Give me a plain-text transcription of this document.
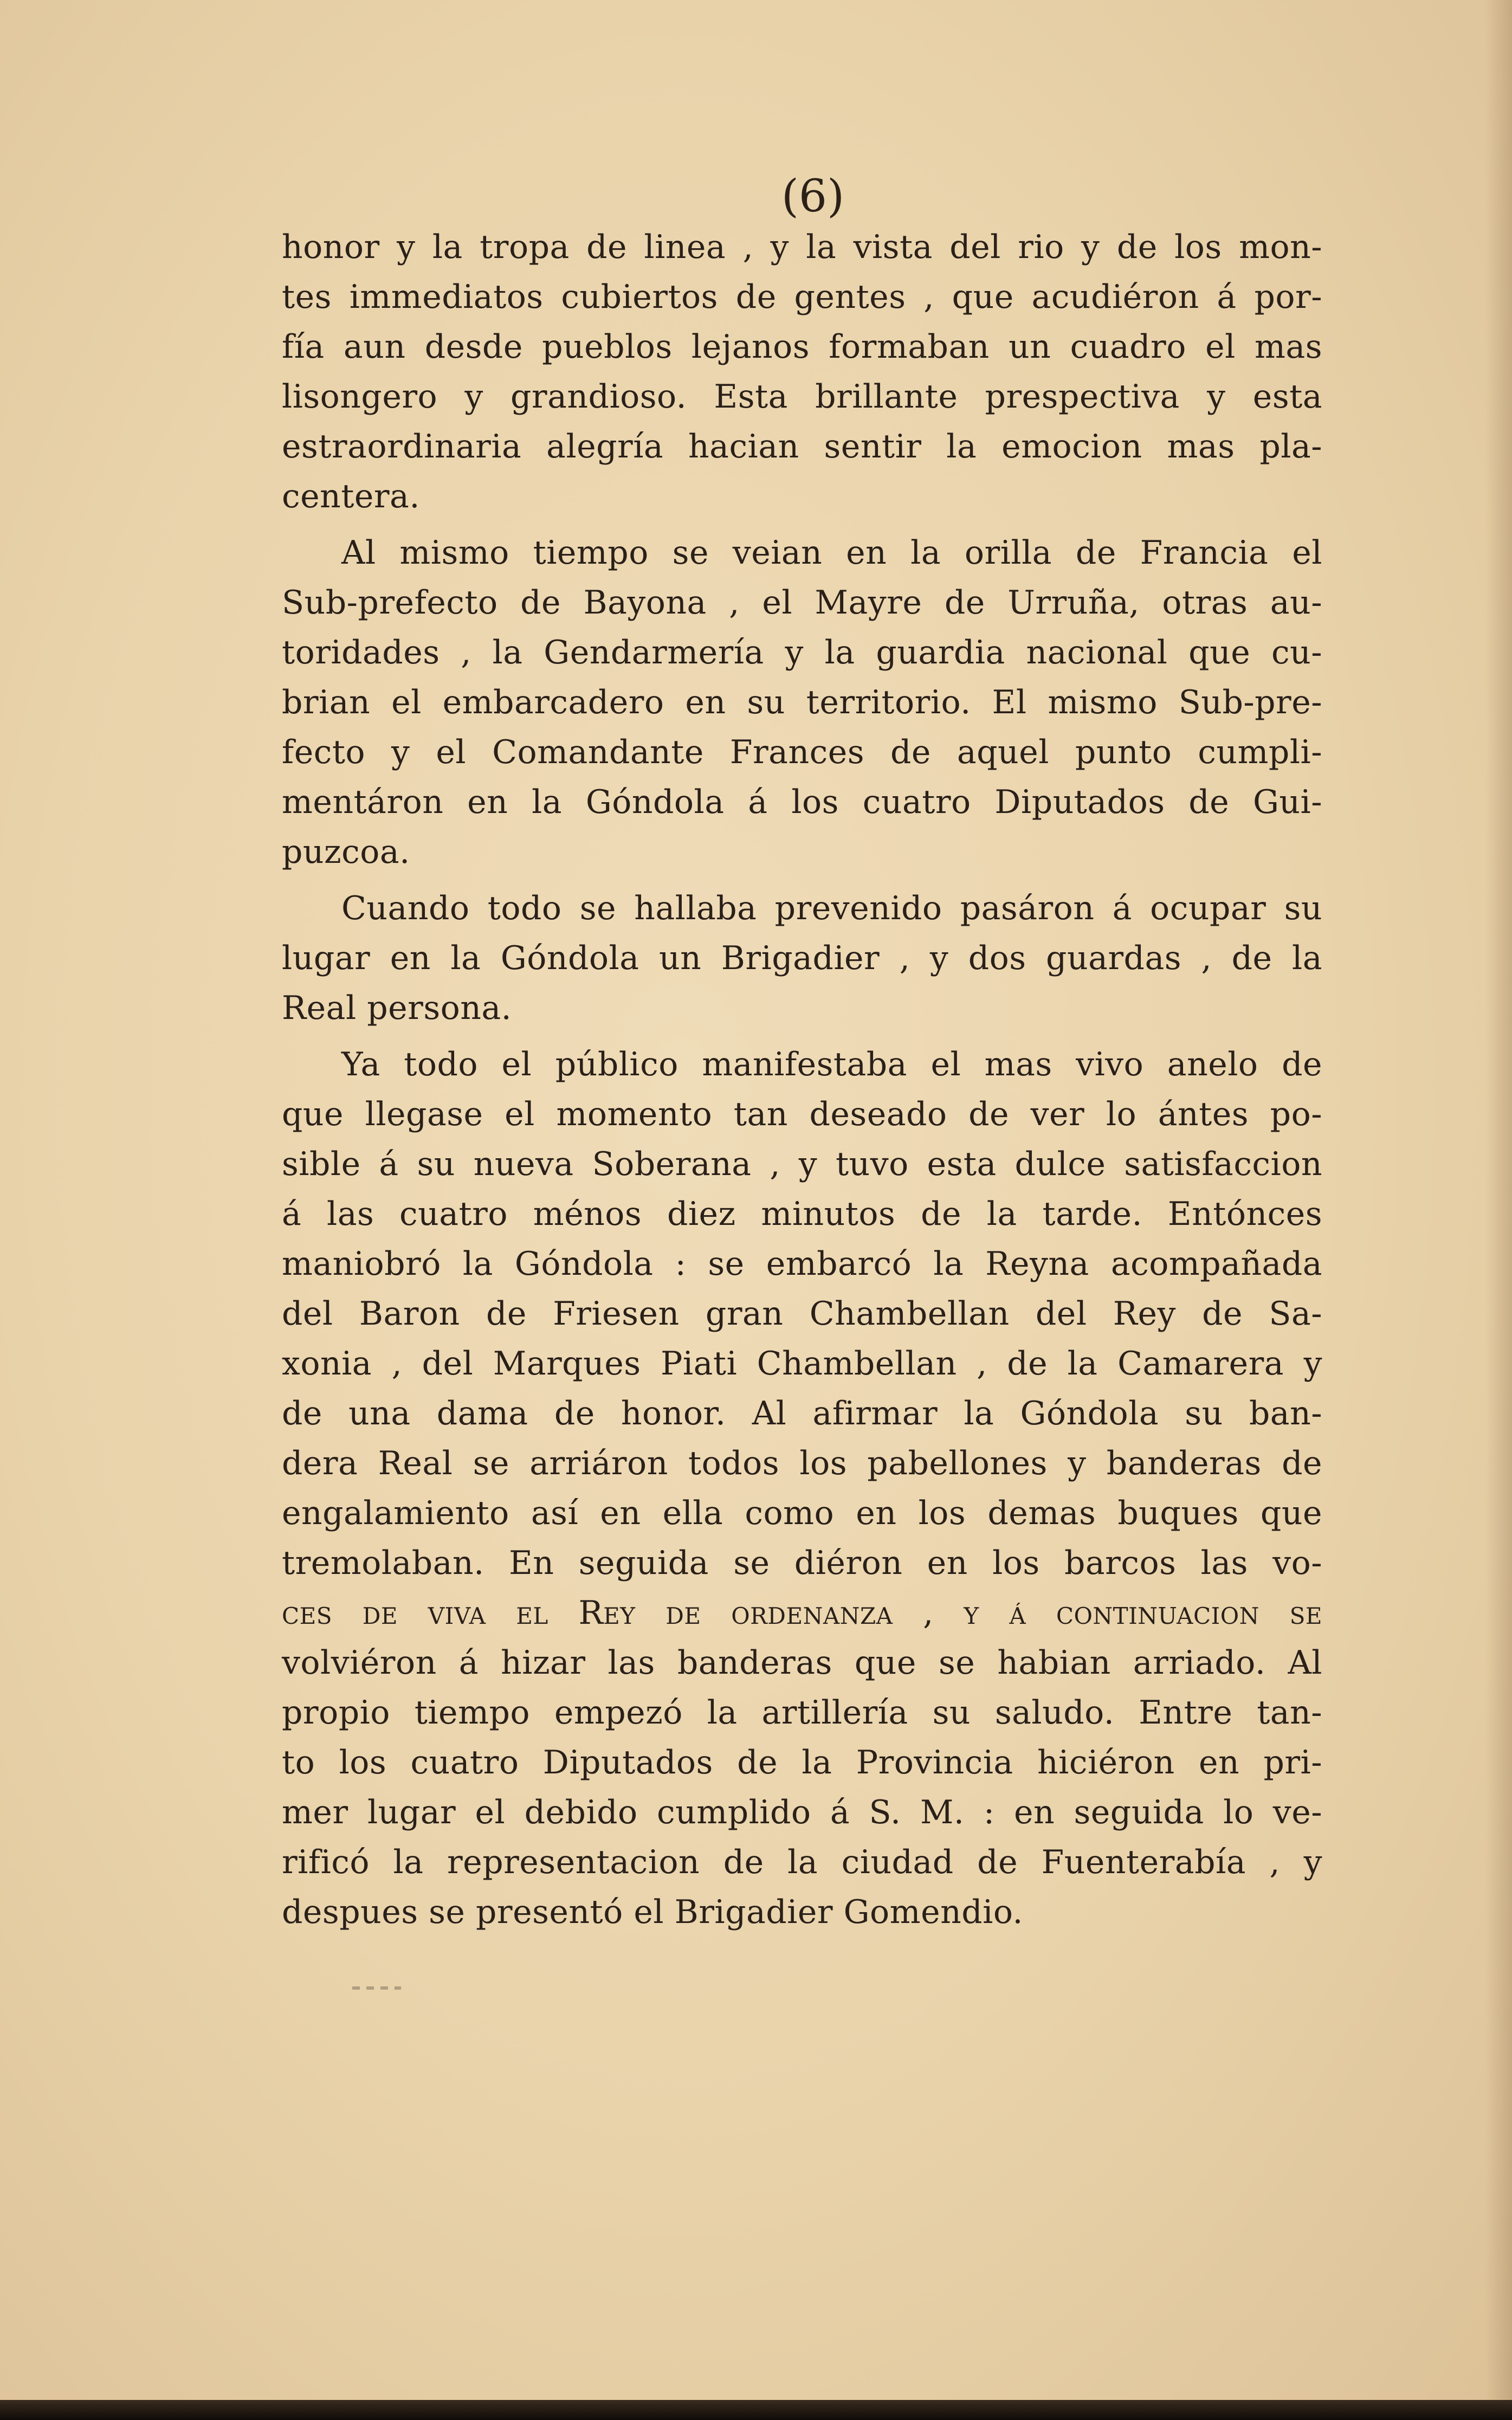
(6)
honor y la tropa de linea , y la vista del rio y de los mon-
tes immediatos cubiertos de gentes , que acudiéron á por-
fía aun desde pueblos lejanos formaban un cuadro el mas
lisongero y grandioso. Esta brillante prespectiva y esta
estraordinaria alegría hacian sentir la emocion mas pla-
centera.
Al mismo tiempo se veian en la orilla de Francia el
Sub-prefecto de Bayona , el Mayre de Urruña, otras au-
toridades , la Gendarmería y la guardia nacional que cu-
brian el embarcadero en su territorio. El mismo Sub-pre-
fecto y el Comandante Frances de aquel punto cumpli-
mentáron en la Góndola á los cuatro Diputados de Gui-
puzcoa.
Cuando todo se hallaba prevenido pasáron á ocupar su
lugar en la Góndola un Brigadier , y dos guardas , de la
Real persona.
Ya todo el público manifestaba el mas vivo anelo de
que llegase el momento tan deseado de ver lo ántes po-
sible á su nueva Soberana , y tuvo esta dulce satisfaccion
á las cuatro ménos diez minutos de la tarde. Entónces
maniobró la Góndola : se embarcó la Reyna acompañada
del Baron de Friesen gran Chambellan del Rey de Sa-
xonia , del Marques Piati Chambellan , de la Camarera y
de una dama de honor. Al afirmar la Góndola su ban-
dera Real se arriáron todos los pabellones y banderas de
engalamiento así en ella como en los demas buques que
tremolaban. En seguida se diéron en los barcos las vo-
ces de viva el Rey de ordenanza , y á continuacion se
volviéron á hizar las banderas que se habian arriado. Al
propio tiempo empezó la artillería su saludo. Entre tan-
to los cuatro Diputados de la Provincia hiciéron en pri-
mer lugar el debido cumplido á S. M. : en seguida lo ve-
rificó la representacion de la ciudad de Fuenterabía , y
despues se presentó el Brigadier Gomendio.
